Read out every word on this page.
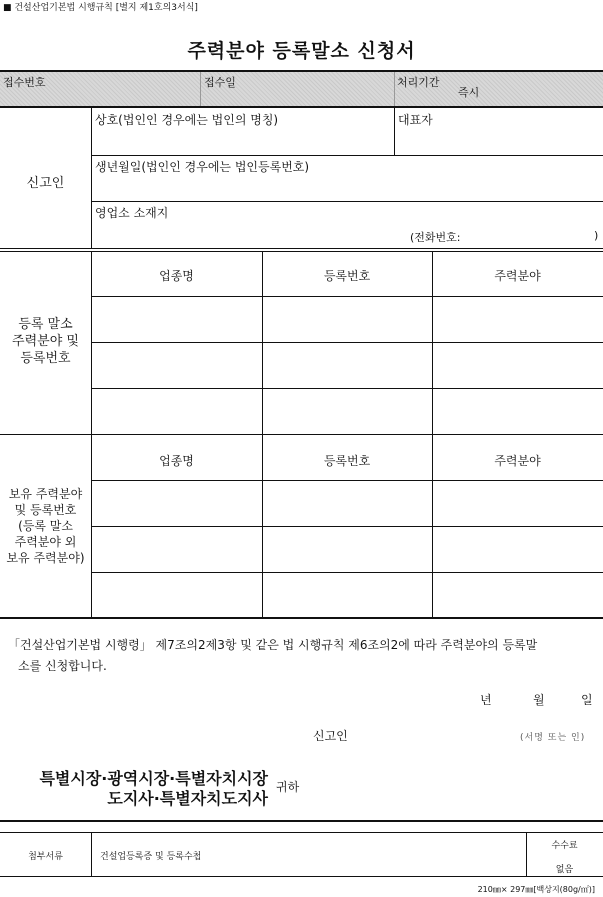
■ 건설산업기본법 시행규칙 [별지 제1호의3서식]
주력분야 등록말소 신청서
접수번호	접수일	처리기간
즉시
신고인
상호(법인인 경우에는 법인의 명칭)	대표자
생년월일(법인인 경우에는 법인등록번호)
영업소 소재지
(전화번호:	)
등록 말소
주력분야 및
등록번호
업종명	등록번호	주력분야
보유 주력분야
및 등록번호
(등록 말소
주력분야 외
보유 주력분야)
업종명	등록번호	주력분야
「건설산업기본법 시행령」 제7조의2제3항 및 같은 법 시행규칙 제6조의2에 따라 주력분야의 등록말
소를 신청합니다.
년	월	일
신고인	(서명 또는 인)
특별시장·광역시장·특별자치시장
도지사·특별자치도지사
귀하
첨부서류	건설업등록증 및 등록수첩
수수료
없음
210㎜× 297㎜[백상지(80g/㎡)]
